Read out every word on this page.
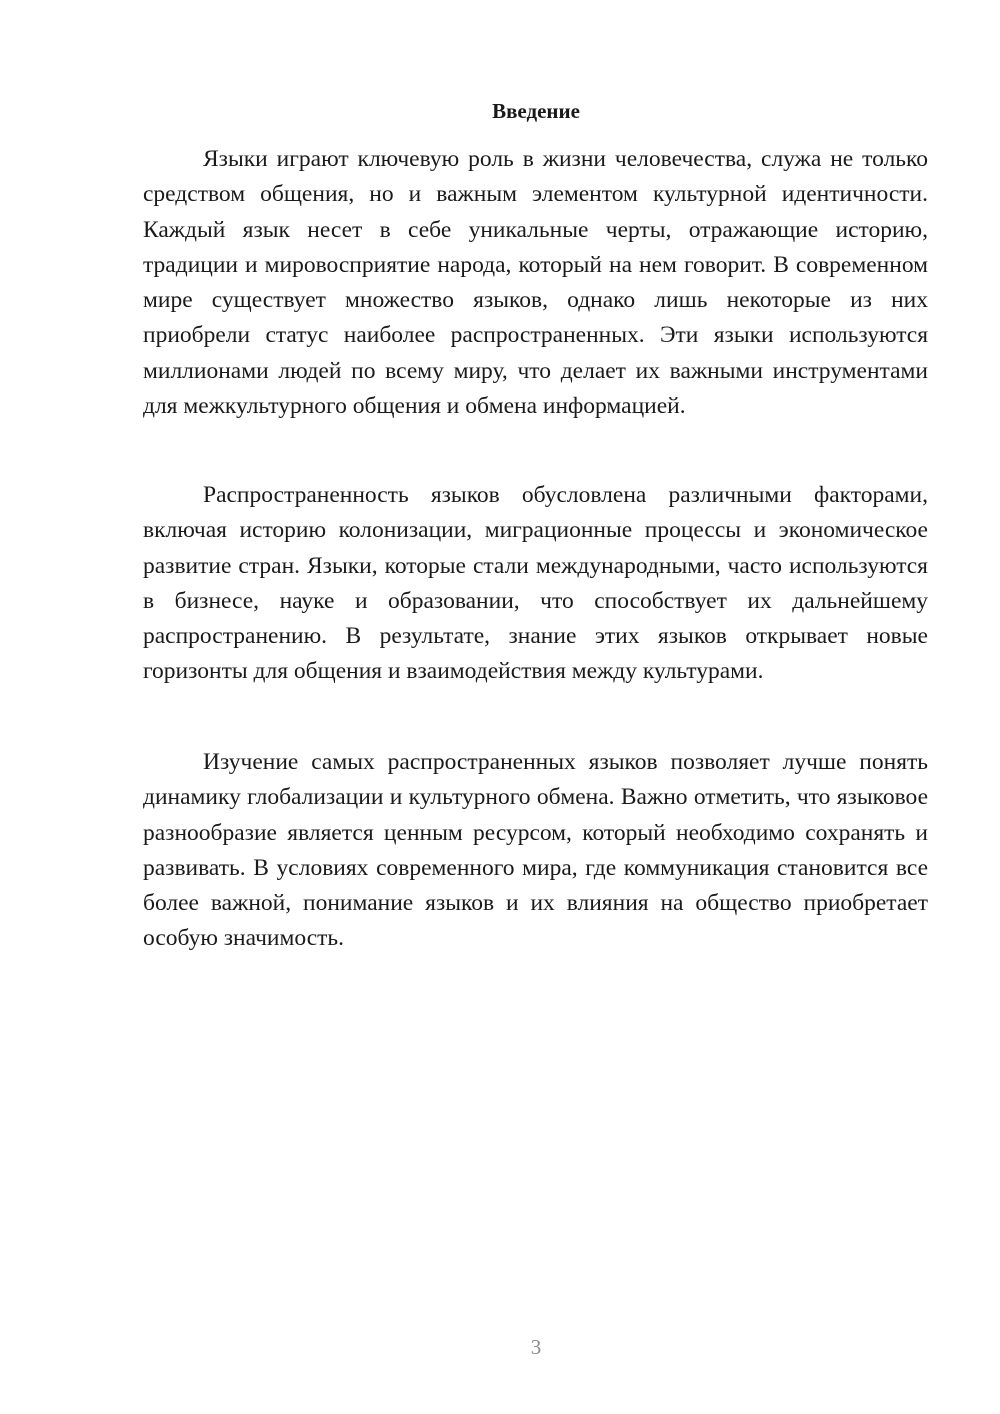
Введение

Языки играют ключевую роль в жизни человечества, служа не только средством общения, но и важным элементом культурной идентичности. Каждый язык несет в себе уникальные черты, отражающие историю, традиции и мировосприятие народа, который на нем говорит. В современном мире существует множество языков, однако лишь некоторые из них приобрели статус наиболее распространенных. Эти языки используются миллионами людей по всему миру, что делает их важными инструментами для межкультурного общения и обмена информацией.

Распространенность языков обусловлена различными факторами, включая историю колонизации, миграционные процессы и экономическое развитие стран. Языки, которые стали международными, часто используются в бизнесе, науке и образовании, что способствует их дальнейшему распространению. В результате, знание этих языков открывает новые горизонты для общения и взаимодействия между культурами.

Изучение самых распространенных языков позволяет лучше понять динамику глобализации и культурного обмена. Важно отметить, что языковое разнообразие является ценным ресурсом, который необходимо сохранять и развивать. В условиях современного мира, где коммуникация становится все более важной, понимание языков и их влияния на общество приобретает особую значимость.

3
